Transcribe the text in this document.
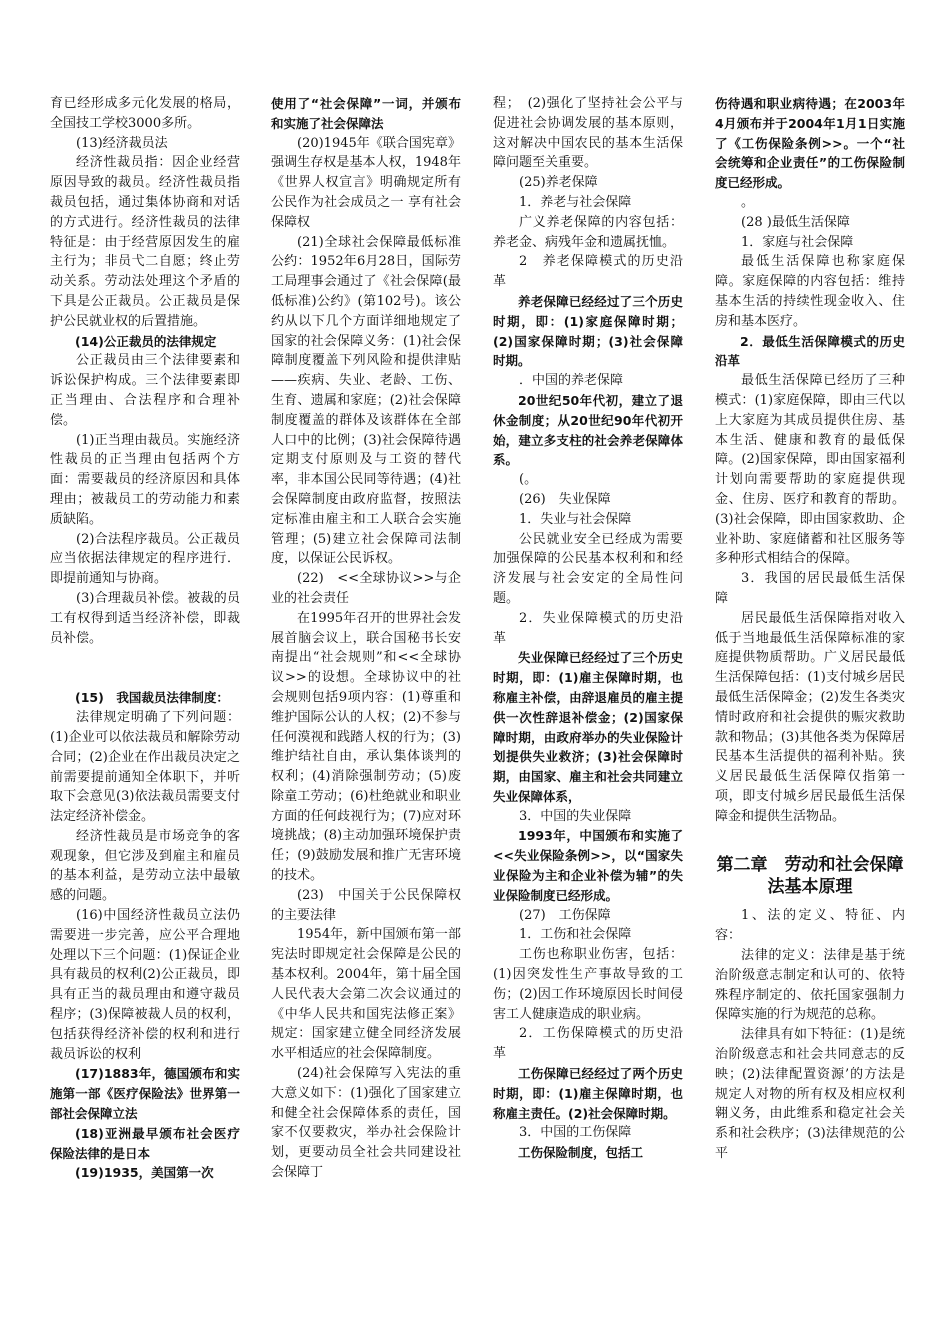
育已经形成多元化发展的格局，全国技工学校3000多所。

(13)经济裁员法

经济性裁员指：因企业经营原因导致的裁员。经济性裁员指裁员包括，通过集体协商和对话的方式进行。经济性裁员的法律特征是：由于经营原因发生的雇主行为；非员弋二自愿；终止劳动关系。劳动法处理这个矛盾的下具是公正裁员。公正裁员是保护公民就业权的后置措施。

(14)公正裁员的法律规定

公正裁员由三个法律要素和诉讼保护构成。三个法律要素即正当理由、合法程序和合理补偿。

(1)正当理由裁员。实施经济性裁员的正当理由包括两个方面：需要裁员的经济原因和具体理由；被裁员工的劳动能力和素质缺陷。

(2)合法程序裁员。公正裁员应当依据法律规定的程序进行．即提前通知与协商。

(3)合理裁员补偿。被裁的员工有权得到适当经济补偿，即裁员补偿。

(15)　我国裁员法律制度：

法律规定明确了下列问题：(1)企业可以依法裁员和解除劳动合同；(2)企业在作出裁员决定之前需要提前通知全体职下，并听取下会意见(3)依法裁员需要支付法定经济补偿金。

经济性裁员是市场竞争的客观现象，但它涉及到雇主和雇员的基本利益，是劳动立法中最敏感的问题。

(16)中国经济性裁员立法仍需要进一步完善，应公平合理地处理以下三个问题：(1)保证企业具有裁员的权利(2)公正裁员，即具有正当的裁员理由和遵守裁员程序；(3)保障被裁人员的权利，包括获得经济补偿的权利和进行裁员诉讼的权利

(17)1883年，德国颁布和实施第一部《医疗保险法》世界第一部社会保障立法

(18)亚洲最早颁布社会医疗保险法律的是日本

(19)1935，美国第一次

使用了“社会保障”一词，并颁布和实施了社会保障法

(20)1945年《联合国宪章》强调生存权是基本人权，1948年《世界人权宣言》明确规定所有公民作为社会成员之一 享有社会保障权

(21)全球社会保障最低标准公约：1952年6月28日，国际劳工局理事会通过了《社会保障(最低标准)公约》(第102号)。该公约从以下几个方面详细地规定了国家的社会保障义务：(1)社会保障制度覆盖下列风险和提供津贴——疾病、失业、老龄、工伤、生育、遗属和家庭；(2)社会保障制度覆盖的群体及该群体在全部人口中的比例；(3)社会保障待遇定期支付原则及与工资的替代率，非本国公民同等待遇；(4)社会保障制度由政府监督，按照法定标准由雇主和工人联合会实施管理；(5)建立社会保障司法制度，以保证公民诉权。

(22)　<<全球协议>>与企业的社会责任

在1995年召开的世界社会发展首脑会议上，联合国秘书长安南提出“社会规则”和<<全球协议>>的设想。全球协议中的社会规则包括9项内容：(1)尊重和维护国际公认的人权；(2)不参与任何漠视和践踏人权的行为；(3)维护结社自由，承认集体谈判的权利；(4)消除强制劳动；(5)废除童工劳动；(6)杜绝就业和职业方面的任何歧视行为；(7)应对环境挑战；(8)主动加强环境保护责任；(9)鼓励发展和推广无害环境的技术。

(23)　中国关于公民保障权的主要法律

1954年，新中国颁布第一部宪法时即规定社会保障是公民的基本权利。2004年，第十届全国人民代表大会第二次会议通过的《中华人民共和国宪法修正案》规定：国家建立健全同经济发展水平相适应的社会保障制度。

(24)社会保障写入宪法的重大意义如下：(1)强化了国家建立和健全社会保障体系的责任，国家不仅要救灾，举办社会保险计划，更要动员全社会共同建设社会保障丁

程；　(2)强化了坚持社会公平与促进社会协调发展的基本原则，这对解决中国农民的基本生活保障问题至关重要。

(25)养老保障

1．养老与社会保障

广义养老保障的内容包括：养老金、病残年金和遗属抚恤。

2　养老保障模式的历史沿革

养老保障已经经过了三个历史时期，即：(1)家庭保障时期；(2)国家保障时期；(3)社会保障时期。

．中国的养老保障

20世纪50年代初，建立了退休金制度；从20世纪90年代初开始，建立多支柱的社会养老保障体系。

(。

(26)　失业保障

1．失业与社会保障

公民就业安全已经成为需要加强保障的公民基本权利和和经济发展与社会安定的全局性问题。

2．失业保障模式的历史沿革

失业保障已经经过了三个历史时期，即：(1)雇主保障时期，也称雇主补偿，由辞退雇员的雇主提供一次性辞退补偿金；(2)国家保障时期，由政府举办的失业保险计划提供失业救济；(3)社会保障时期，由国家、雇主和社会共同建立失业保障体系，

3．中国的失业保障

1993年，中国颁布和实施了<<失业保险条例>>，以“国家失业保险为主和企业补偿为辅”的失业保险制度已经形成。

(27)　工伤保障

1．工伤和社会保障

工伤也称职业伤害，包括：(1)因突发性生产事故导致的工伤；(2)因工作环境原因长时间侵害工人健康造成的职业病。

2．工伤保障模式的历史沿革

工伤保障已经经过了两个历史时期，即：(1)雇主保障时期，也称雇主责任。(2)社会保障时期。

3．中国的工伤保障

工伤保险制度，包括工

伤待遇和职业病待遇；在2003年4月颁布并于2004年1月1日实施了《工伤保险条例>>。一个“社会统筹和企业责任”的工伤保险制度已经形成。

。

(28 )最低生活保障

1．家庭与社会保障

最低生活保障也称家庭保障。家庭保障的内容包括：维持基本生活的持续性现金收入、住房和基本医疗。

2．最低生活保障模式的历史沿革

最低生活保障已经历了三种模式：(1)家庭保障，即由三代以上大家庭为其成员提供住房、基本生活、健康和教育的最低保障。(2)国家保障，即由国家福利计划向需要帮助的家庭提供现金、住房、医疗和教育的帮助。(3)社会保障，即由国家救助、企业补助、家庭储蓄和社区服务等多种形式相结合的保障。

3．我国的居民最低生活保障

居民最低生活保障指对收入低于当地最低生活保障标准的家庭提供物质帮助。广义居民最低生活保障包括：(1)支付城乡居民最低生活保障金；(2)发生各类灾情时政府和社会提供的赈灾救助款和物品；(3)其他各类为保障居民基本生活提供的福利补贴。狭义居民最低生活保障仅指第一项，即支付城乡居民最低生活保障金和提供生活物品。

第二章　劳动和社会保障法基本原理

1、法的定义、特征、内容：

法律的定义：法律是基于统治阶级意志制定和认可的、依特殊程序制定的、依托国家强制力保障实施的行为规范的总称。

法律具有如下特征：(1)是统治阶级意志和社会共同意志的反映；(2)法律配置资源’的方法是规定人对物的所有权及相应权利翱义务，由此维系和稳定社会关系和社会秩序；(3)法律规范的公平
